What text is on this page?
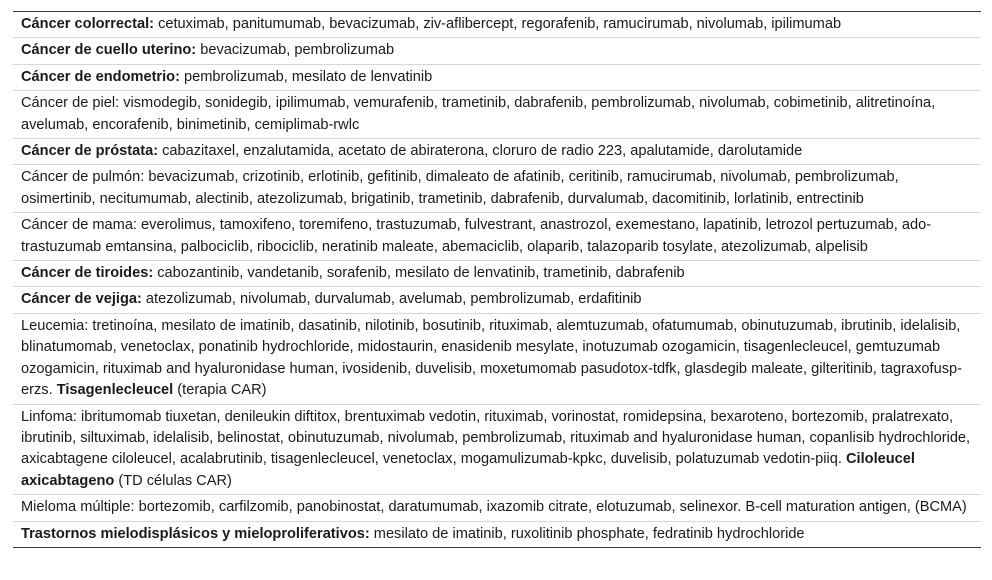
Cáncer colorrectal: cetuximab, panitumumab, bevacizumab, ziv-aflibercept, regorafenib, ramucirumab, nivolumab, ipilimumab
Cáncer de cuello uterino: bevacizumab, pembrolizumab
Cáncer de endometrio: pembrolizumab, mesilato de lenvatinib
Cáncer de piel: vismodegib, sonidegib, ipilimumab, vemurafenib, trametinib, dabrafenib, pembrolizumab, nivolumab, cobimetinib, alitretinoína, avelumab, encorafenib, binimetinib, cemiplimab-rwlc
Cáncer de próstata: cabazitaxel, enzalutamida, acetato de abiraterona, cloruro de radio 223, apalutamide, darolutamide
Cáncer de pulmón: bevacizumab, crizotinib, erlotinib, gefitinib, dimaleato de afatinib, ceritinib, ramucirumab, nivolumab, pembrolizumab, osimertinib, necitumumab, alectinib, atezolizumab, brigatinib, trametinib, dabrafenib, durvalumab, dacomitinib, lorlatinib, entrectinib
Cáncer de mama: everolimus, tamoxifeno, toremifeno, trastuzumab, fulvestrant, anastrozol, exemestano, lapatinib, letrozol pertuzumab, ado-trastuzumab emtansina, palbociclib, ribociclib, neratinib maleate, abemaciclib, olaparib, talazoparib tosylate, atezolizumab, alpelisib
Cáncer de tiroides: cabozantinib, vandetanib, sorafenib, mesilato de lenvatinib, trametinib, dabrafenib
Cáncer de vejiga: atezolizumab, nivolumab, durvalumab, avelumab, pembrolizumab, erdafitinib
Leucemia: tretinoína, mesilato de imatinib, dasatinib, nilotinib, bosutinib, rituximab, alemtuzumab, ofatumumab, obinutuzumab, ibrutinib, idelalisib, blinatumomab, venetoclax, ponatinib hydrochloride, midostaurin, enasidenib mesylate, inotuzumab ozogamicin, tisagenlecleucel, gemtuzumab ozogamicin, rituximab and hyaluronidase human, ivosidenib, duvelisib, moxetumomab pasudotox-tdfk, glasdegib maleate, gilteritinib, tagraxofusp-erzs. Tisagenlecleucel (terapia CAR)
Linfoma: ibritumomab tiuxetan, denileukin diftitox, brentuximab vedotin, rituximab, vorinostat, romidepsina, bexaroteno, bortezomib, pralatrexato, ibrutinib, siltuximab, idelalisib, belinostat, obinutuzumab, nivolumab, pembrolizumab, rituximab and hyaluronidase human, copanlisib hydrochloride, axicabtagene ciloleucel, acalabrutinib, tisagenlecleucel, venetoclax, mogamulizumab-kpkc, duvelisib, polatuzumab vedotin-piiq. Ciloleucel axicabtageno (TD células CAR)
Mieloma múltiple: bortezomib, carfilzomib, panobinostat, daratumumab, ixazomib citrate, elotuzumab, selinexor. B-cell maturation antigen, (BCMA)
Trastornos mielodisplásicos y mieloproliferativos: mesilato de imatinib, ruxolitinib phosphate, fedratinib hydrochloride
